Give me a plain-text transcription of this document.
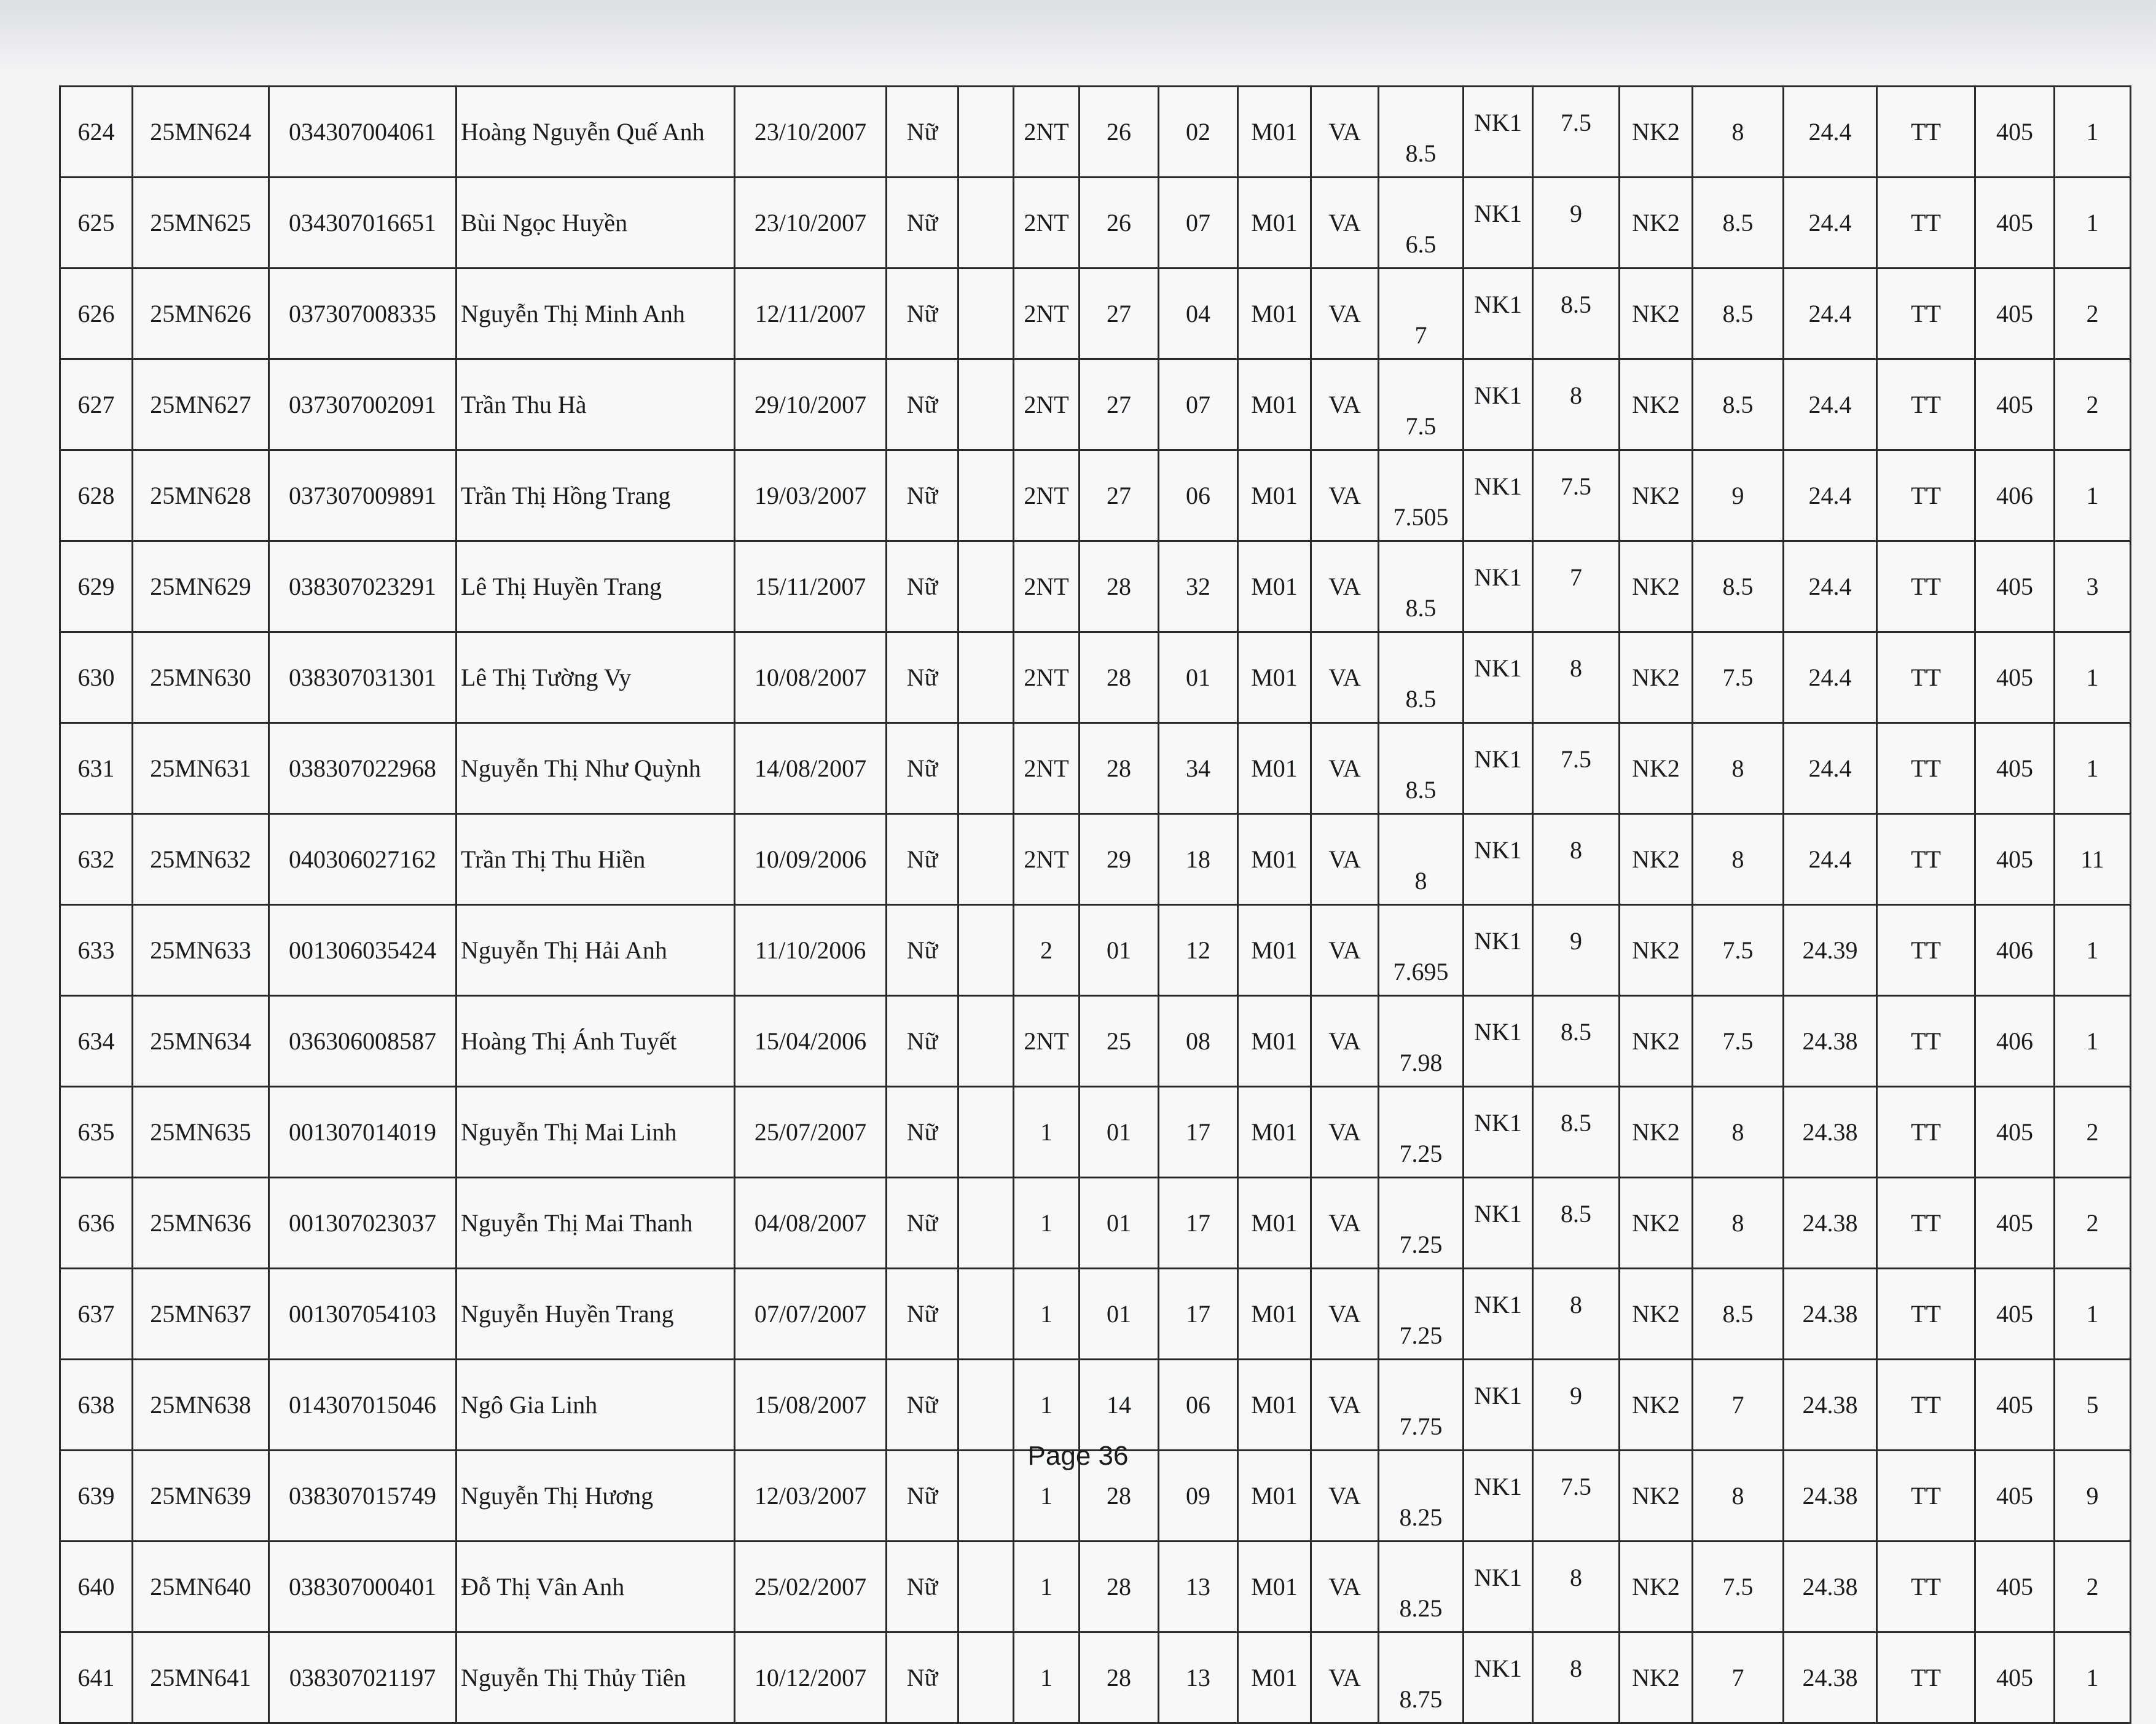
624	25MN624	034307004061	Hoàng Nguyễn Quế Anh	23/10/2007	Nữ		2NT	26	02	M01	VA	8.5	NK1	7.5	NK2	8	24.4	TT	405	1
625	25MN625	034307016651	Bùi Ngọc Huyền	23/10/2007	Nữ		2NT	26	07	M01	VA	6.5	NK1	9	NK2	8.5	24.4	TT	405	1
626	25MN626	037307008335	Nguyễn Thị Minh Anh	12/11/2007	Nữ		2NT	27	04	M01	VA	7	NK1	8.5	NK2	8.5	24.4	TT	405	2
627	25MN627	037307002091	Trần Thu Hà	29/10/2007	Nữ		2NT	27	07	M01	VA	7.5	NK1	8	NK2	8.5	24.4	TT	405	2
628	25MN628	037307009891	Trần Thị Hồng Trang	19/03/2007	Nữ		2NT	27	06	M01	VA	7.505	NK1	7.5	NK2	9	24.4	TT	406	1
629	25MN629	038307023291	Lê Thị Huyền Trang	15/11/2007	Nữ		2NT	28	32	M01	VA	8.5	NK1	7	NK2	8.5	24.4	TT	405	3
630	25MN630	038307031301	Lê Thị Tường Vy	10/08/2007	Nữ		2NT	28	01	M01	VA	8.5	NK1	8	NK2	7.5	24.4	TT	405	1
631	25MN631	038307022968	Nguyễn Thị Như Quỳnh	14/08/2007	Nữ		2NT	28	34	M01	VA	8.5	NK1	7.5	NK2	8	24.4	TT	405	1
632	25MN632	040306027162	Trần Thị Thu Hiền	10/09/2006	Nữ		2NT	29	18	M01	VA	8	NK1	8	NK2	8	24.4	TT	405	11
633	25MN633	001306035424	Nguyễn Thị Hải Anh	11/10/2006	Nữ		2	01	12	M01	VA	7.695	NK1	9	NK2	7.5	24.39	TT	406	1
634	25MN634	036306008587	Hoàng Thị Ánh Tuyết	15/04/2006	Nữ		2NT	25	08	M01	VA	7.98	NK1	8.5	NK2	7.5	24.38	TT	406	1
635	25MN635	001307014019	Nguyễn Thị Mai Linh	25/07/2007	Nữ		1	01	17	M01	VA	7.25	NK1	8.5	NK2	8	24.38	TT	405	2
636	25MN636	001307023037	Nguyễn Thị Mai Thanh	04/08/2007	Nữ		1	01	17	M01	VA	7.25	NK1	8.5	NK2	8	24.38	TT	405	2
637	25MN637	001307054103	Nguyễn Huyền Trang	07/07/2007	Nữ		1	01	17	M01	VA	7.25	NK1	8	NK2	8.5	24.38	TT	405	1
638	25MN638	014307015046	Ngô Gia Linh	15/08/2007	Nữ		1	14	06	M01	VA	7.75	NK1	9	NK2	7	24.38	TT	405	5
639	25MN639	038307015749	Nguyễn Thị Hương	12/03/2007	Nữ		1	28	09	M01	VA	8.25	NK1	7.5	NK2	8	24.38	TT	405	9
640	25MN640	038307000401	Đỗ Thị Vân Anh	25/02/2007	Nữ		1	28	13	M01	VA	8.25	NK1	8	NK2	7.5	24.38	TT	405	2
641	25MN641	038307021197	Nguyễn Thị Thủy Tiên	10/12/2007	Nữ		1	28	13	M01	VA	8.75	NK1	8	NK2	7	24.38	TT	405	1
Page 36
